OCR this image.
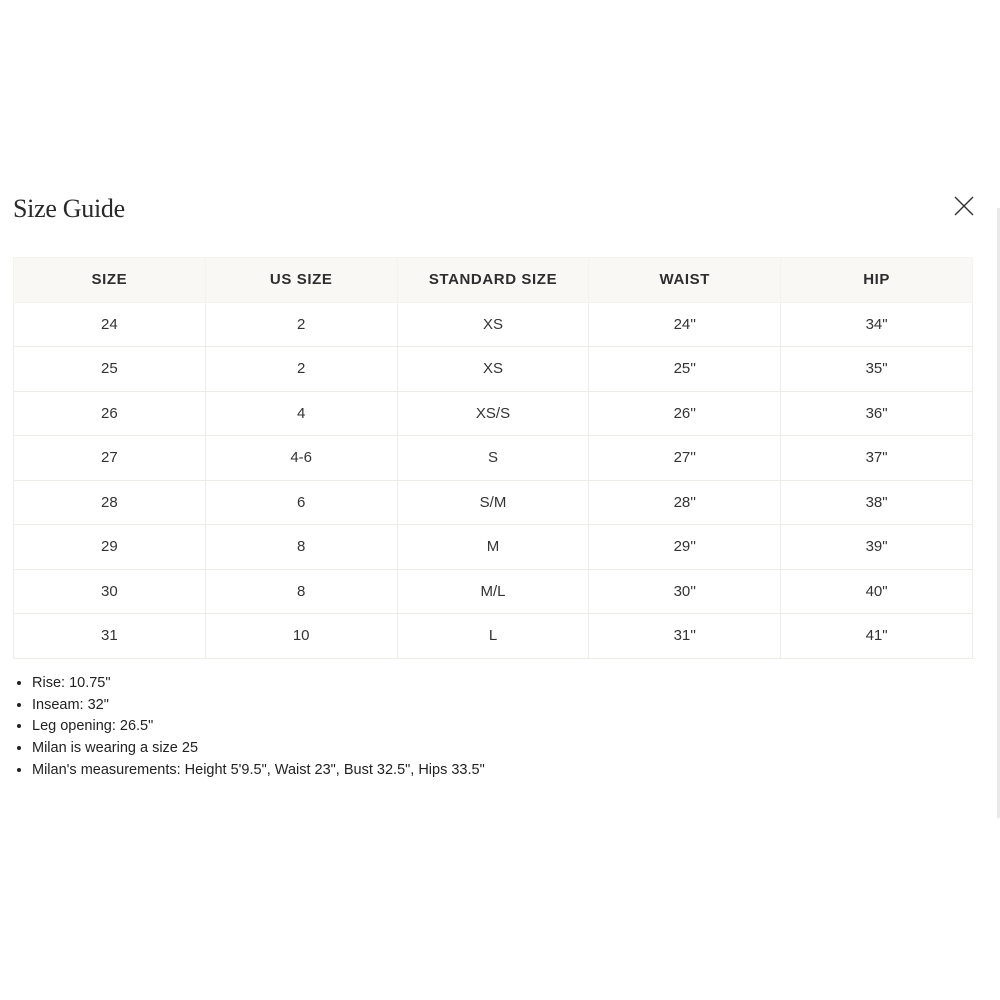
Size Guide
SIZE	US SIZE	STANDARD SIZE	WAIST	HIP
24	2	XS	24''	34"
25	2	XS	25''	35"
26	4	XS/S	26''	36"
27	4-6	S	27''	37"
28	6	S/M	28''	38"
29	8	M	29''	39"
30	8	M/L	30''	40"
31	10	L	31''	41"
• Rise: 10.75"
• Inseam: 32"
• Leg opening: 26.5"
• Milan is wearing a size 25
• Milan's measurements: Height 5'9.5", Waist 23", Bust 32.5", Hips 33.5"
